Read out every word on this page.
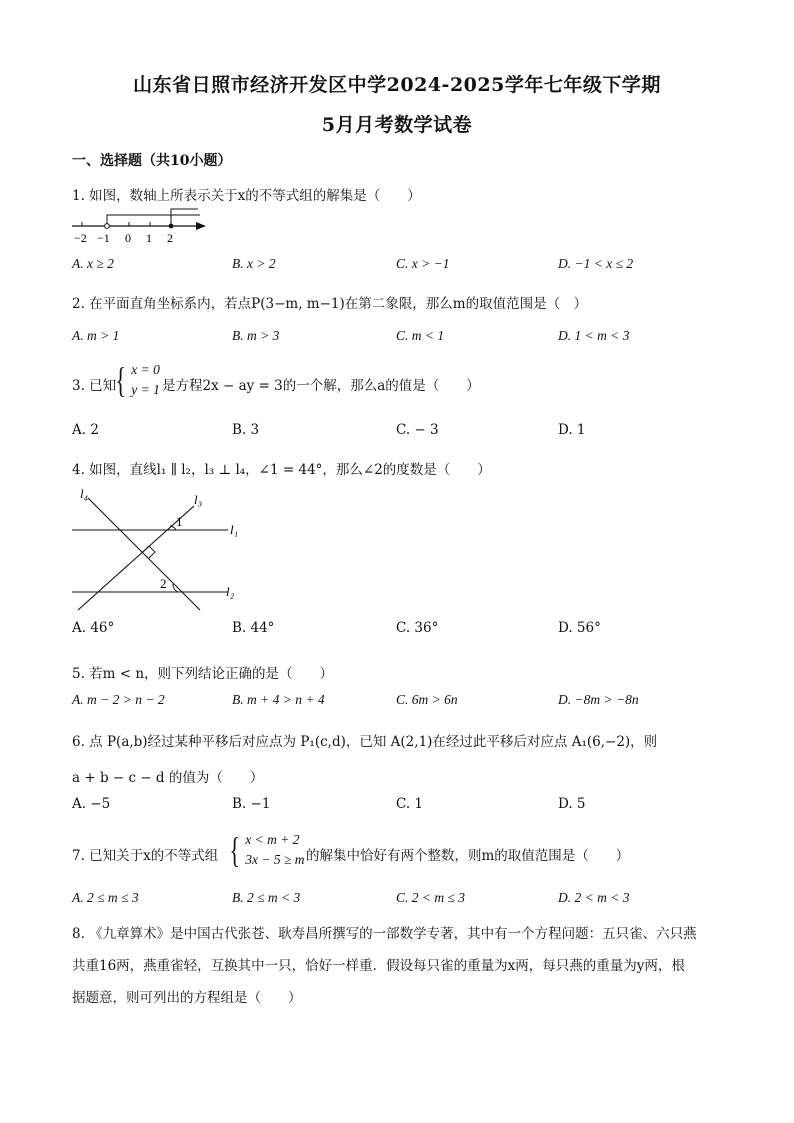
山东省日照市经济开发区中学2024-2025学年七年级下学期
5月月考数学试卷
一、选择题（共10小题）
1. 如图，数轴上所表示关于x的不等式组的解集是（　　）
−2 −1 0 1 2
A. x ≥ 2	B. x > 2	C. x > −1	D. −1 < x ≤ 2
2. 在平面直角坐标系内，若点P(3−m, m−1)在第二象限，那么m的取值范围是（　）
A. m > 1	B. m > 3	C. m < 1	D. 1 < m < 3
3. 已知 { x = 0
y = 1 是方程2x − ay = 3的一个解，那么a的值是（　　）
A. 2	B. 3	C. − 3	D. 1
4. 如图，直线l₁ ∥ l₂，l₃ ⊥ l₄，∠1 = 44°，那么∠2的度数是（　　）
l₄	l₃
l₁
l₂
1
2
A. 46°	B. 44°	C. 36°	D. 56°
5. 若m < n，则下列结论正确的是（　　）
A. m − 2 > n − 2	B. m + 4 > n + 4	C. 6m > 6n	D. −8m > −8n
6. 点 P(a,b)经过某种平移后对应点为 P₁(c,d)，已知 A(2,1)在经过此平移后对应点 A₁(6,−2)，则
a + b − c − d 的值为（　　）
A. −5	B. −1	C. 1	D. 5
7. 已知关于x的不等式组 { x < m + 2
3x − 5 ≥ m 的解集中恰好有两个整数，则m的取值范围是（　　）
A. 2 ≤ m ≤ 3	B. 2 ≤ m < 3	C. 2 < m ≤ 3	D. 2 < m < 3
8. 《九章算术》是中国古代张苍、耿寿昌所撰写的一部数学专著，其中有一个方程问题：五只雀、六只燕
共重16两，燕重雀轻，互换其中一只，恰好一样重．假设每只雀的重量为x两，每只燕的重量为y两，根
据题意，则可列出的方程组是（　　）
